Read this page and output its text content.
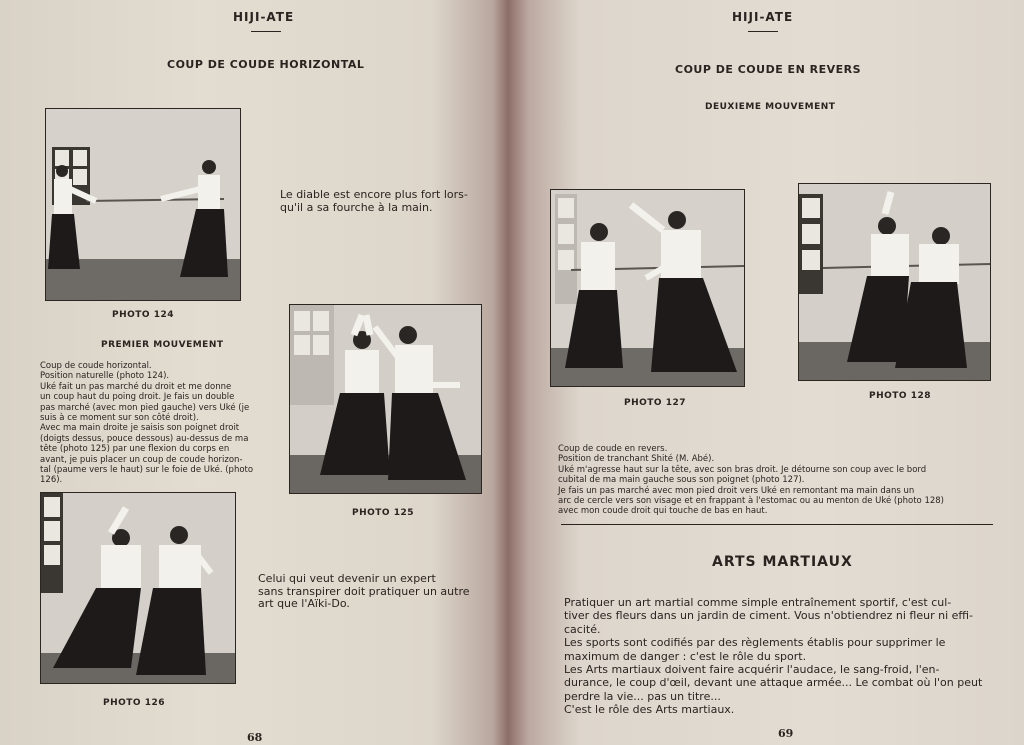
HIJI-ATE
COUP DE COUDE HORIZONTAL
PHOTO 124
Le diable est encore plus fort lors-
qu'il a sa fourche à la main.
PHOTO 125
PREMIER MOUVEMENT
Coup de coude horizontal.
Position naturelle (photo 124).
Uké fait un pas marché du droit et me donne
un coup haut du poing droit. Je fais un double
pas marché (avec mon pied gauche) vers Uké (je
suis à ce moment sur son côté droit).
Avec ma main droite je saisis son poignet droit
(doigts dessus, pouce dessous) au-dessus de ma
tête (photo 125) par une flexion du corps en
avant, je puis placer un coup de coude horizon-
tal (paume vers le haut) sur le foie de Uké. (photo
126).
PHOTO 126
Celui qui veut devenir un expert
sans transpirer doit pratiquer un autre
art que l'Aïki-Do.
68
HIJI-ATE
COUP DE COUDE EN REVERS
DEUXIEME MOUVEMENT
PHOTO 127
PHOTO 128
Coup de coude en revers.
Position de tranchant Shité (M. Abé).
Uké m'agresse haut sur la tête, avec son bras droit. Je détourne son coup avec le bord
cubital de ma main gauche sous son poignet (photo 127).
Je fais un pas marché avec mon pied droit vers Uké en remontant ma main dans un
arc de cercle vers son visage et en frappant à l'estomac ou au menton de Uké (photo 128)
avec mon coude droit qui touche de bas en haut.
ARTS MARTIAUX
Pratiquer un art martial comme simple entraînement sportif, c'est cul-
tiver des fleurs dans un jardin de ciment. Vous n'obtiendrez ni fleur ni effi-
cacité.
Les sports sont codifiés par des règlements établis pour supprimer le
maximum de danger : c'est le rôle du sport.
Les Arts martiaux doivent faire acquérir l'audace, le sang-froid, l'en-
durance, le coup d'œil, devant une attaque armée... Le combat où l'on peut
perdre la vie... pas un titre...
C'est le rôle des Arts martiaux.
69
